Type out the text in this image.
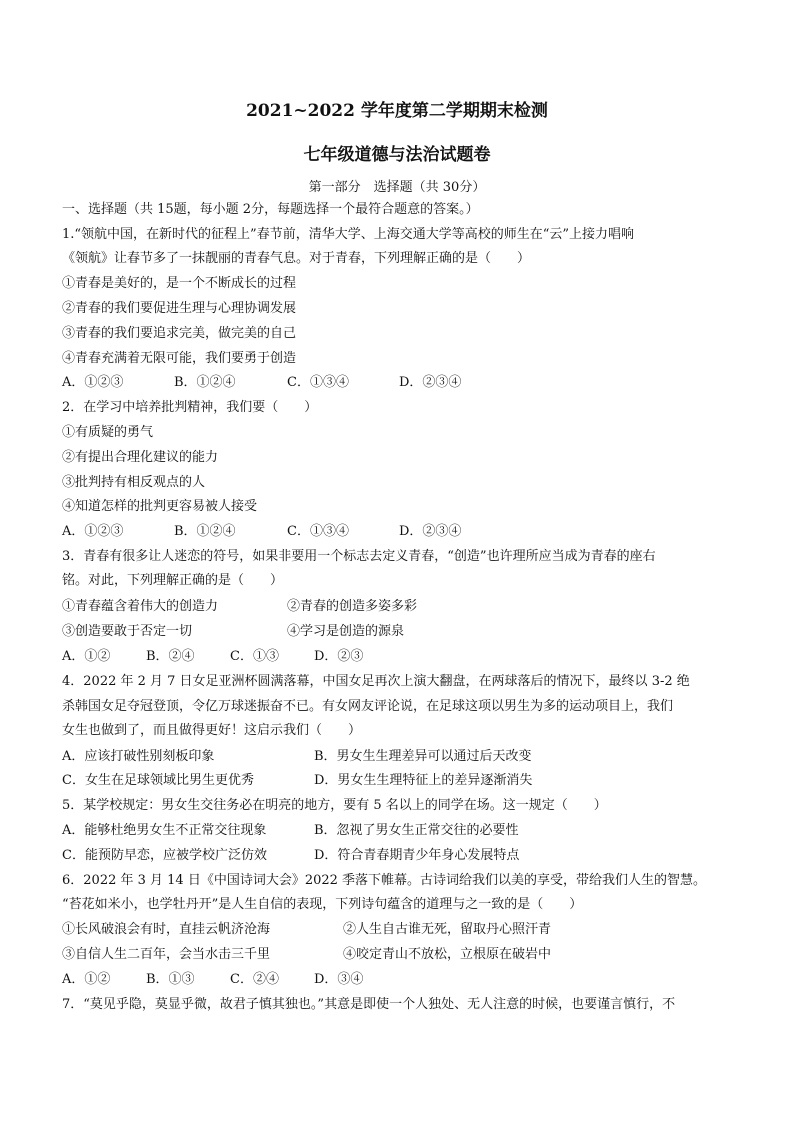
2021~2022 学年度第二学期期末检测
七年级道德与法治试题卷
第一部分　选择题（共 30分）
一、选择题（共 15题，每小题 2分，每题选择一个最符合题意的答案。）
1.“领航中国，在新时代的征程上”春节前，清华大学、上海交通大学等高校的师生在“云”上接力唱响
《领航》让春节多了一抹靓丽的青春气息。对于青春，下列理解正确的是（　　）
①青春是美好的，是一个不断成长的过程
②青春的我们要促进生理与心理协调发展
③青春的我们要追求完美，做完美的自己
④青春充满着无限可能，我们要勇于创造
A．①②③	B．①②④	C．①③④	D．②③④
2．在学习中培养批判精神，我们要（　　）
①有质疑的勇气
②有提出合理化建议的能力
③批判持有相反观点的人
④知道怎样的批判更容易被人接受
A．①②③	B．①②④	C．①③④	D．②③④
3．青春有很多让人迷恋的符号，如果非要用一个标志去定义青春，“创造”也许理所应当成为青春的座右
铭。对此，下列理解正确的是（　　）
①青春蕴含着伟大的创造力	②青春的创造多姿多彩
③创造要敢于否定一切	④学习是创造的源泉
A．①②	B．②④	C．①③	D．②③
4．2022 年 2 月 7 日女足亚洲杯圆满落幕，中国女足再次上演大翻盘，在两球落后的情况下，最终以 3-2 绝
杀韩国女足夺冠登顶，令亿万球迷振奋不已。有女网友评论说，在足球这项以男生为多的运动项目上，我们
女生也做到了，而且做得更好！这启示我们（　　）
A．应该打破性别刻板印象	B．男女生生理差异可以通过后天改变
C．女生在足球领域比男生更优秀	D．男女生生理特征上的差异逐渐消失
5．某学校规定：男女生交往务必在明亮的地方，要有 5 名以上的同学在场。这一规定（　　）
A．能够杜绝男女生不正常交往现象	B．忽视了男女生正常交往的必要性
C．能预防早恋，应被学校广泛仿效	D．符合青春期青少年身心发展特点
6．2022 年 3 月 14 日《中国诗词大会》2022 季落下帷幕。古诗词给我们以美的享受，带给我们人生的智慧。
“苔花如米小，也学牡丹开”是人生自信的表现，下列诗句蕴含的道理与之一致的是（　　）
①长风破浪会有时，直挂云帆济沧海	②人生自古谁无死，留取丹心照汗青
③自信人生二百年，会当水击三千里	④咬定青山不放松，立根原在破岩中
A．①②	B．①③	C．②④	D．③④
7．“莫见乎隐，莫显乎微，故君子慎其独也。”其意是即使一个人独处、无人注意的时候，也要谨言慎行，不
